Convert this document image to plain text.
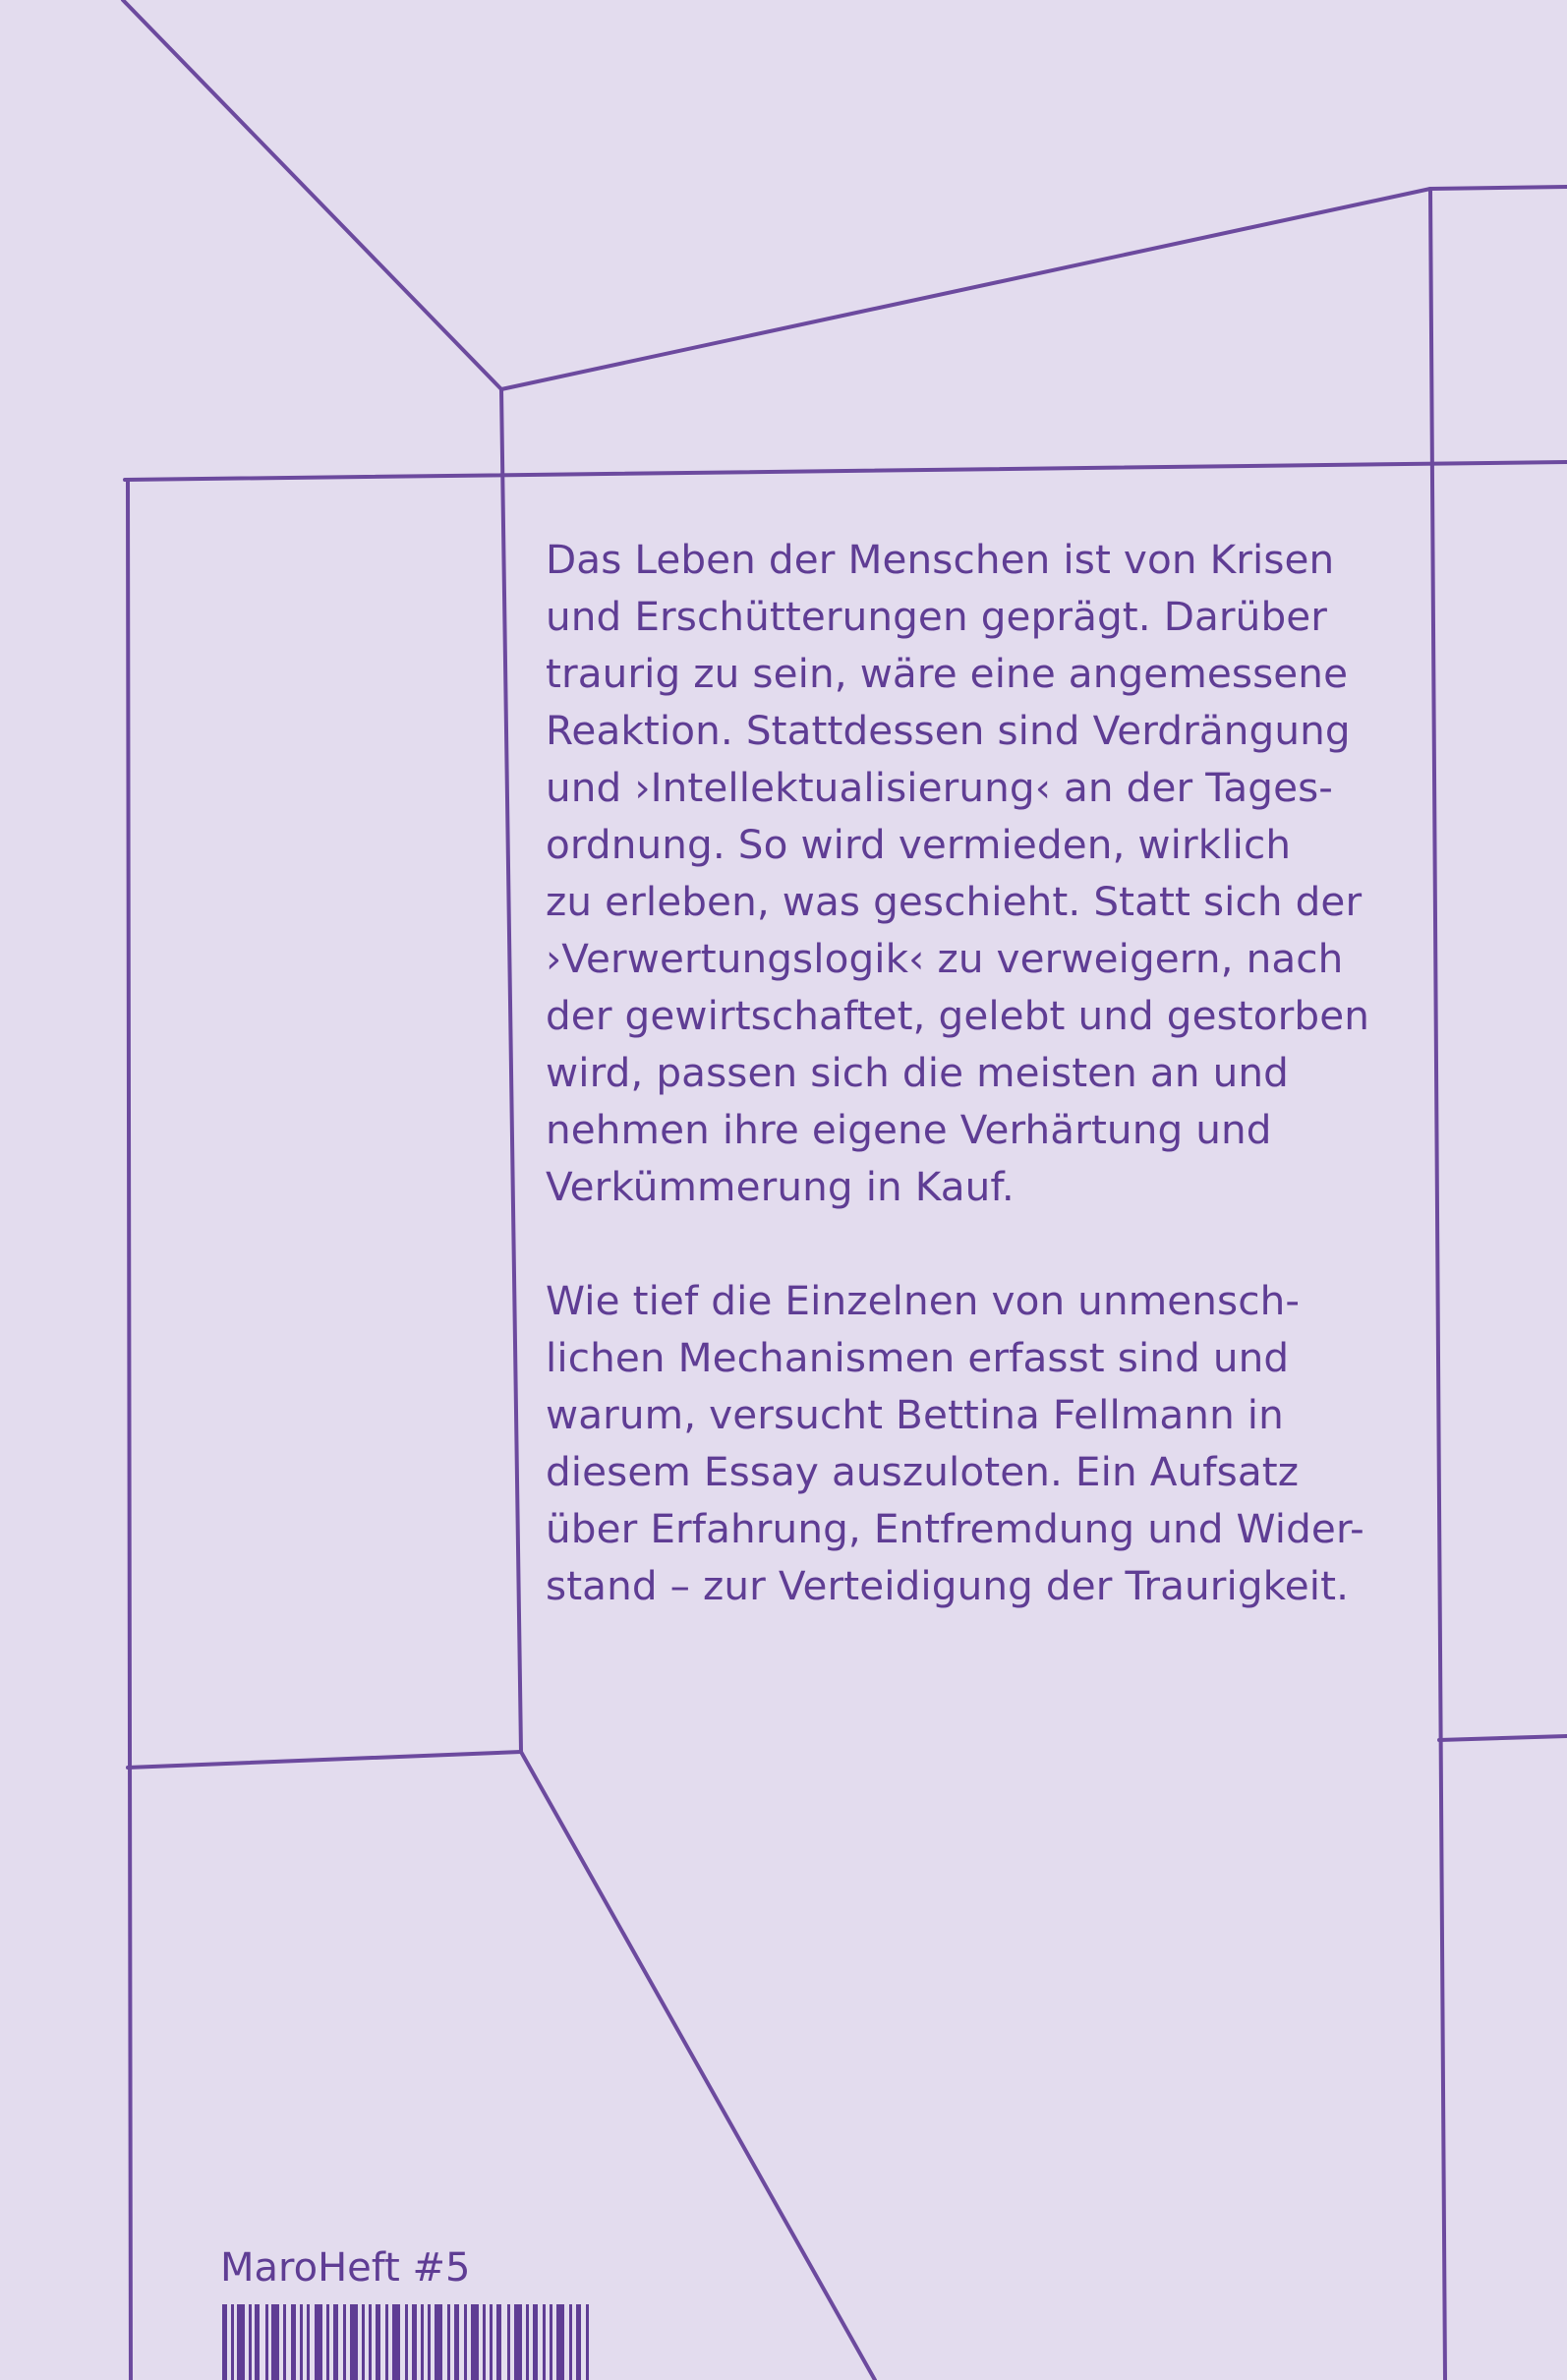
Das Leben der Menschen ist von Krisen
und Erschütterungen geprägt. Darüber
traurig zu sein, wäre eine angemessene
Reaktion. Stattdessen sind Verdrängung
und ›Intellektualisierung‹ an der Tages-
ordnung. So wird vermieden, wirklich
zu erleben, was geschieht. Statt sich der
›Verwertungslogik‹ zu verweigern, nach
der gewirtschaftet, gelebt und gestorben
wird, passen sich die meisten an und
nehmen ihre eigene Verhärtung und
Verkümmerung in Kauf.

Wie tief die Einzelnen von unmensch-
lichen Mechanismen erfasst sind und
warum, versucht Bettina Fellmann in
diesem Essay auszuloten. Ein Aufsatz
über Erfahrung, Entfremdung und Wider-
stand – zur Verteidigung der Traurigkeit.

MaroHeft #5
